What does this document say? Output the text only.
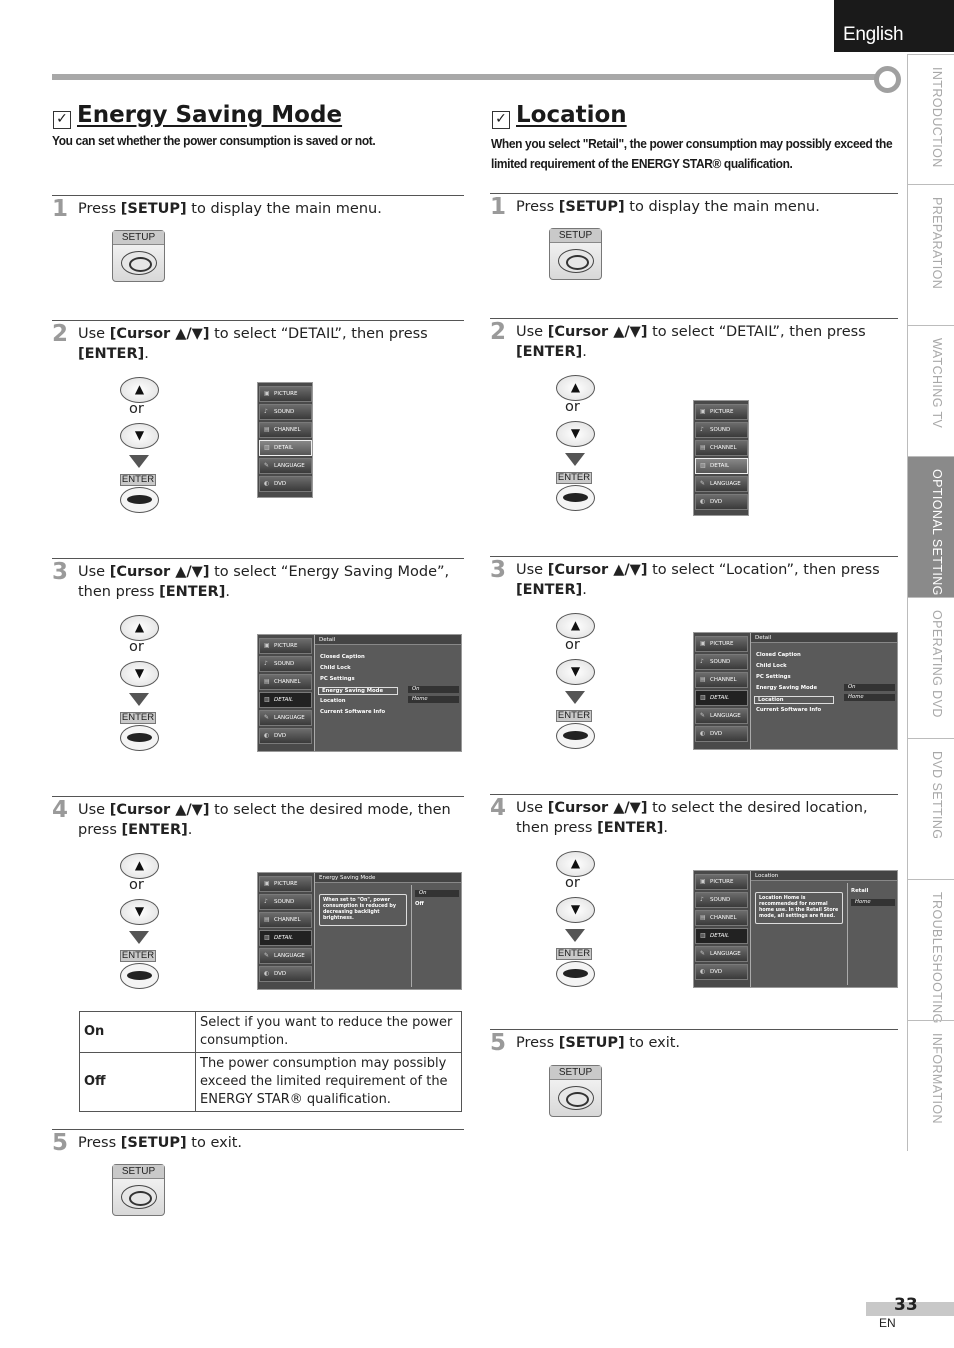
English
INTRODUCTION
PREPARATION
WATCHING TV
OPTIONAL SETTING
OPERATING DVD
DVD SETTING
TROUBLESHOOTING
INFORMATION
✓ Energy Saving Mode
You can set whether the power consumption is saved or not.
✓ Location
When you select "Retail", the power consumption may possibly exceed the
limited requirement of the ENERGY STAR® qualification.
1 Press [SETUP] to display the main menu.
SETUP
2 Use [Cursor ▲/▼] to select “DETAIL”, then press [ENTER].
▲
or
▼
ENTER
▣ PICTURE
♪ SOUND
▤ CHANNEL
▥ DETAIL
✎ LANGUAGE
◐ DVD
3 Use [Cursor ▲/▼] to select “Energy Saving Mode”, then press [ENTER].
▲
or
▼
ENTER
▣ PICTURE
♪ SOUND
▤ CHANNEL
▥ DETAIL
✎ LANGUAGE
◐ DVD
Detail
Closed Caption
Child Lock
PC Settings
Energy Saving Mode
Location
Current Software Info
On
Home
4 Use [Cursor ▲/▼] to select the desired mode, then press [ENTER].
▲
or
▼
ENTER
▣ PICTURE
♪ SOUND
▤ CHANNEL
▥ DETAIL
✎ LANGUAGE
◐ DVD
Energy Saving Mode
When set to "On", power consumption is reduced by decreasing backlight brightness.
On
Off
5 Press [SETUP] to exit.
SETUP
1 Press [SETUP] to display the main menu.
SETUP
2 Use [Cursor ▲/▼] to select “DETAIL”, then press [ENTER].
▲
or
▼
ENTER
▣ PICTURE
♪ SOUND
▤ CHANNEL
▥ DETAIL
✎ LANGUAGE
◐ DVD
3 Use [Cursor ▲/▼] to select “Location”, then press [ENTER].
▲
or
▼
ENTER
▣ PICTURE
♪ SOUND
▤ CHANNEL
▥ DETAIL
✎ LANGUAGE
◐ DVD
Detail
Closed Caption
Child Lock
PC Settings
Energy Saving Mode
Location
Current Software Info
On
Home
4 Use [Cursor ▲/▼] to select the desired location, then press [ENTER].
▲
or
▼
ENTER
▣ PICTURE
♪ SOUND
▤ CHANNEL
▥ DETAIL
✎ LANGUAGE
◐ DVD
Location
Location Home is recommended for normal home use. In the Retail Store mode, all settings are fixed.
Retail
Home
5 Press [SETUP] to exit.
SETUP
On	Select if you want to reduce the power consumption.
Off	The power consumption may possibly exceed the limited requirement of the ENERGY STAR® qualification.
33
EN
